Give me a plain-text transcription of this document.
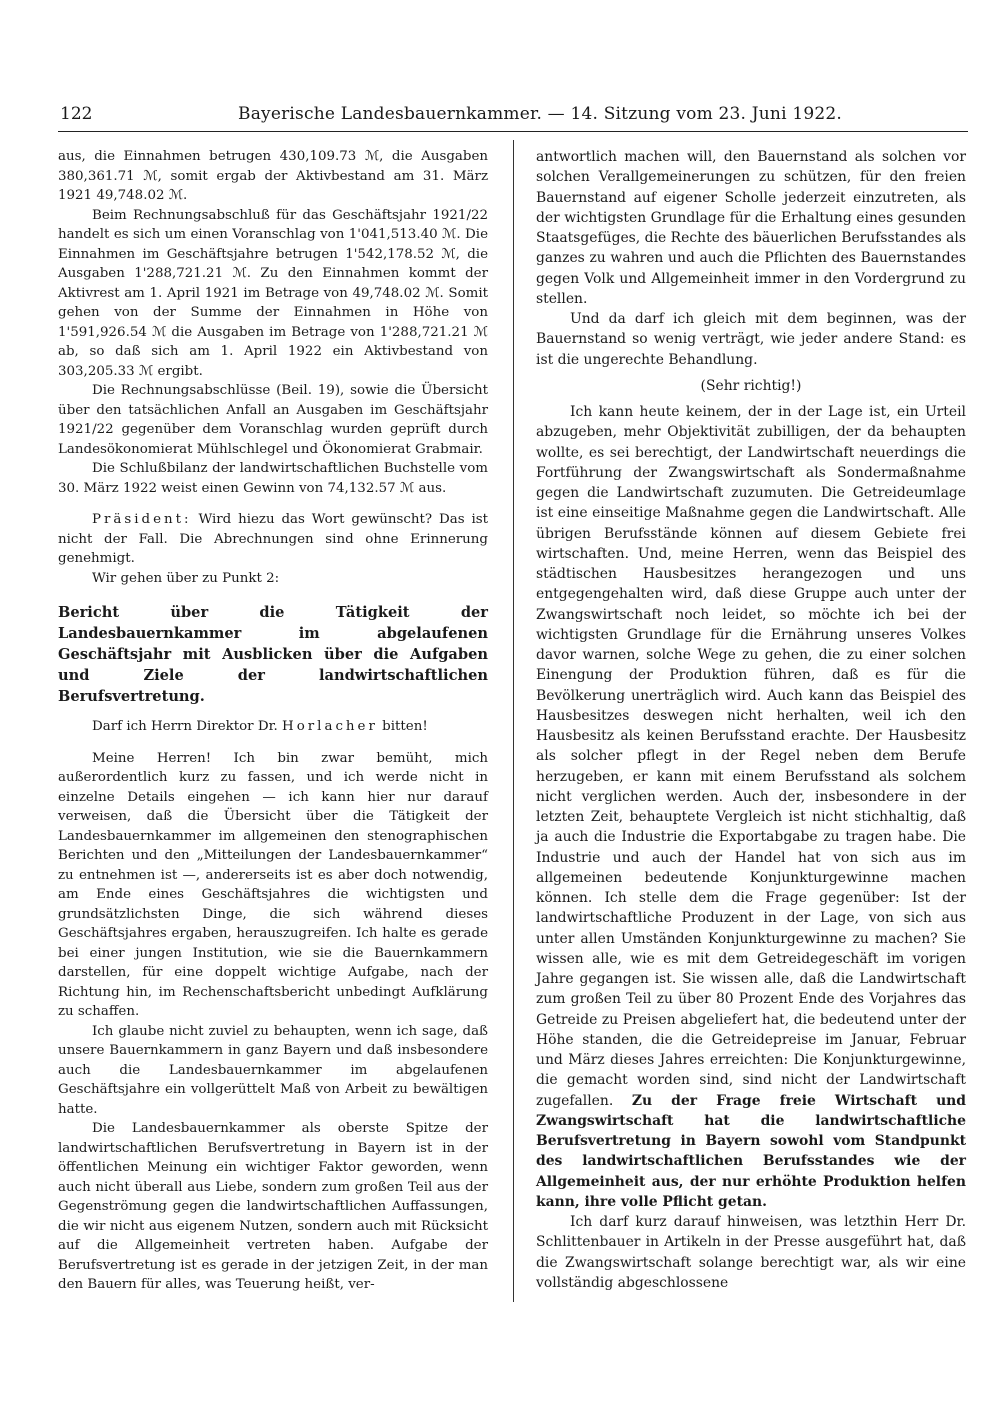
122	Bayerische Landesbauernkammer. — 14. Sitzung vom 23. Juni 1922.

aus, die Einnahmen betrugen 430,109.73 ℳ, die Ausgaben 380,361.71 ℳ, somit ergab der Aktivbestand am 31. März 1921 49,748.02 ℳ.

Beim Rechnungsabschluß für das Geschäftsjahr 1921/22 handelt es sich um einen Voranschlag von 1'041,513.40 ℳ. Die Einnahmen im Geschäftsjahre betrugen 1'542,178.52 ℳ, die Ausgaben 1'288,721.21 ℳ. Zu den Einnahmen kommt der Aktivrest am 1. April 1921 im Betrage von 49,748.02 ℳ. Somit gehen von der Summe der Einnahmen in Höhe von 1'591,926.54 ℳ die Ausgaben im Betrage von 1'288,721.21 ℳ ab, so daß sich am 1. April 1922 ein Aktivbestand von 303,205.33 ℳ ergibt.

Die Rechnungsabschlüsse (Beil. 19), sowie die Übersicht über den tatsächlichen Anfall an Ausgaben im Geschäftsjahr 1921/22 gegenüber dem Voranschlag wurden geprüft durch Landesökonomierat Mühlschlegel und Ökonomierat Grabmair.

Die Schlußbilanz der landwirtschaftlichen Buchstelle vom 30. März 1922 weist einen Gewinn von 74,132.57 ℳ aus.

Präsident: Wird hiezu das Wort gewünscht? Das ist nicht der Fall. Die Abrechnungen sind ohne Erinnerung genehmigt.

Wir gehen über zu Punkt 2:

Bericht über die Tätigkeit der Landesbauernkammer im abgelaufenen Geschäftsjahr mit Ausblicken über die Aufgaben und Ziele der landwirtschaftlichen Berufsvertretung.

Darf ich Herrn Direktor Dr. Horlacher bitten!

Meine Herren! Ich bin zwar bemüht, mich außerordentlich kurz zu fassen, und ich werde nicht in einzelne Details eingehen — ich kann hier nur darauf verweisen, daß die Übersicht über die Tätigkeit der Landesbauernkammer im allgemeinen den stenographischen Berichten und den „Mitteilungen der Landesbauernkammer“ zu entnehmen ist —, andererseits ist es aber doch notwendig, am Ende eines Geschäftsjahres die wichtigsten und grundsätzlichsten Dinge, die sich während dieses Geschäftsjahres ergaben, herauszugreifen. Ich halte es gerade bei einer jungen Institution, wie sie die Bauernkammern darstellen, für eine doppelt wichtige Aufgabe, nach der Richtung hin, im Rechenschaftsbericht unbedingt Aufklärung zu schaffen.

Ich glaube nicht zuviel zu behaupten, wenn ich sage, daß unsere Bauernkammern in ganz Bayern und daß insbesondere auch die Landesbauernkammer im abgelaufenen Geschäftsjahre ein vollgerüttelt Maß von Arbeit zu bewältigen hatte.

Die Landesbauernkammer als oberste Spitze der landwirtschaftlichen Berufsvertretung in Bayern ist in der öffentlichen Meinung ein wichtiger Faktor geworden, wenn auch nicht überall aus Liebe, sondern zum großen Teil aus der Gegenströmung gegen die landwirtschaftlichen Auffassungen, die wir nicht aus eigenem Nutzen, sondern auch mit Rücksicht auf die Allgemeinheit vertreten haben. Aufgabe der Berufsvertretung ist es gerade in der jetzigen Zeit, in der man den Bauern für alles, was Teuerung heißt, ver-

antwortlich machen will, den Bauernstand als solchen vor solchen Verallgemeinerungen zu schützen, für den freien Bauernstand auf eigener Scholle jederzeit einzutreten, als der wichtigsten Grundlage für die Erhaltung eines gesunden Staatsgefüges, die Rechte des bäuerlichen Berufsstandes als ganzes zu wahren und auch die Pflichten des Bauernstandes gegen Volk und Allgemeinheit immer in den Vordergrund zu stellen.

Und da darf ich gleich mit dem beginnen, was der Bauernstand so wenig verträgt, wie jeder andere Stand: es ist die ungerechte Behandlung.

(Sehr richtig!)

Ich kann heute keinem, der in der Lage ist, ein Urteil abzugeben, mehr Objektivität zubilligen, der da behaupten wollte, es sei berechtigt, der Landwirtschaft neuerdings die Fortführung der Zwangswirtschaft als Sondermaßnahme gegen die Landwirtschaft zuzumuten. Die Getreideumlage ist eine einseitige Maßnahme gegen die Landwirtschaft. Alle übrigen Berufsstände können auf diesem Gebiete frei wirtschaften. Und, meine Herren, wenn das Beispiel des städtischen Hausbesitzes herangezogen und uns entgegengehalten wird, daß diese Gruppe auch unter der Zwangswirtschaft noch leidet, so möchte ich bei der wichtigsten Grundlage für die Ernährung unseres Volkes davor warnen, solche Wege zu gehen, die zu einer solchen Einengung der Produktion führen, daß es für die Bevölkerung unerträglich wird. Auch kann das Beispiel des Hausbesitzes deswegen nicht herhalten, weil ich den Hausbesitz als keinen Berufsstand erachte. Der Hausbesitz als solcher pflegt in der Regel neben dem Berufe herzugeben, er kann mit einem Berufsstand als solchem nicht verglichen werden. Auch der, insbesondere in der letzten Zeit, behauptete Vergleich ist nicht stichhaltig, daß ja auch die Industrie die Exportabgabe zu tragen habe. Die Industrie und auch der Handel hat von sich aus im allgemeinen bedeutende Konjunkturgewinne machen können. Ich stelle dem die Frage gegenüber: Ist der landwirtschaftliche Produzent in der Lage, von sich aus unter allen Umständen Konjunkturgewinne zu machen? Sie wissen alle, wie es mit dem Getreidegeschäft im vorigen Jahre gegangen ist. Sie wissen alle, daß die Landwirtschaft zum großen Teil zu über 80 Prozent Ende des Vorjahres das Getreide zu Preisen abgeliefert hat, die bedeutend unter der Höhe standen, die die Getreidepreise im Januar, Februar und März dieses Jahres erreichten: Die Konjunkturgewinne, die gemacht worden sind, sind nicht der Landwirtschaft zugefallen. Zu der Frage freie Wirtschaft und Zwangswirtschaft hat die landwirtschaftliche Berufsvertretung in Bayern sowohl vom Standpunkt des landwirtschaftlichen Berufsstandes wie der Allgemeinheit aus, der nur erhöhte Produktion helfen kann, ihre volle Pflicht getan.

Ich darf kurz darauf hinweisen, was letzthin Herr Dr. Schlittenbauer in Artikeln in der Presse ausgeführt hat, daß die Zwangswirtschaft solange berechtigt war, als wir eine vollständig abgeschlossene
